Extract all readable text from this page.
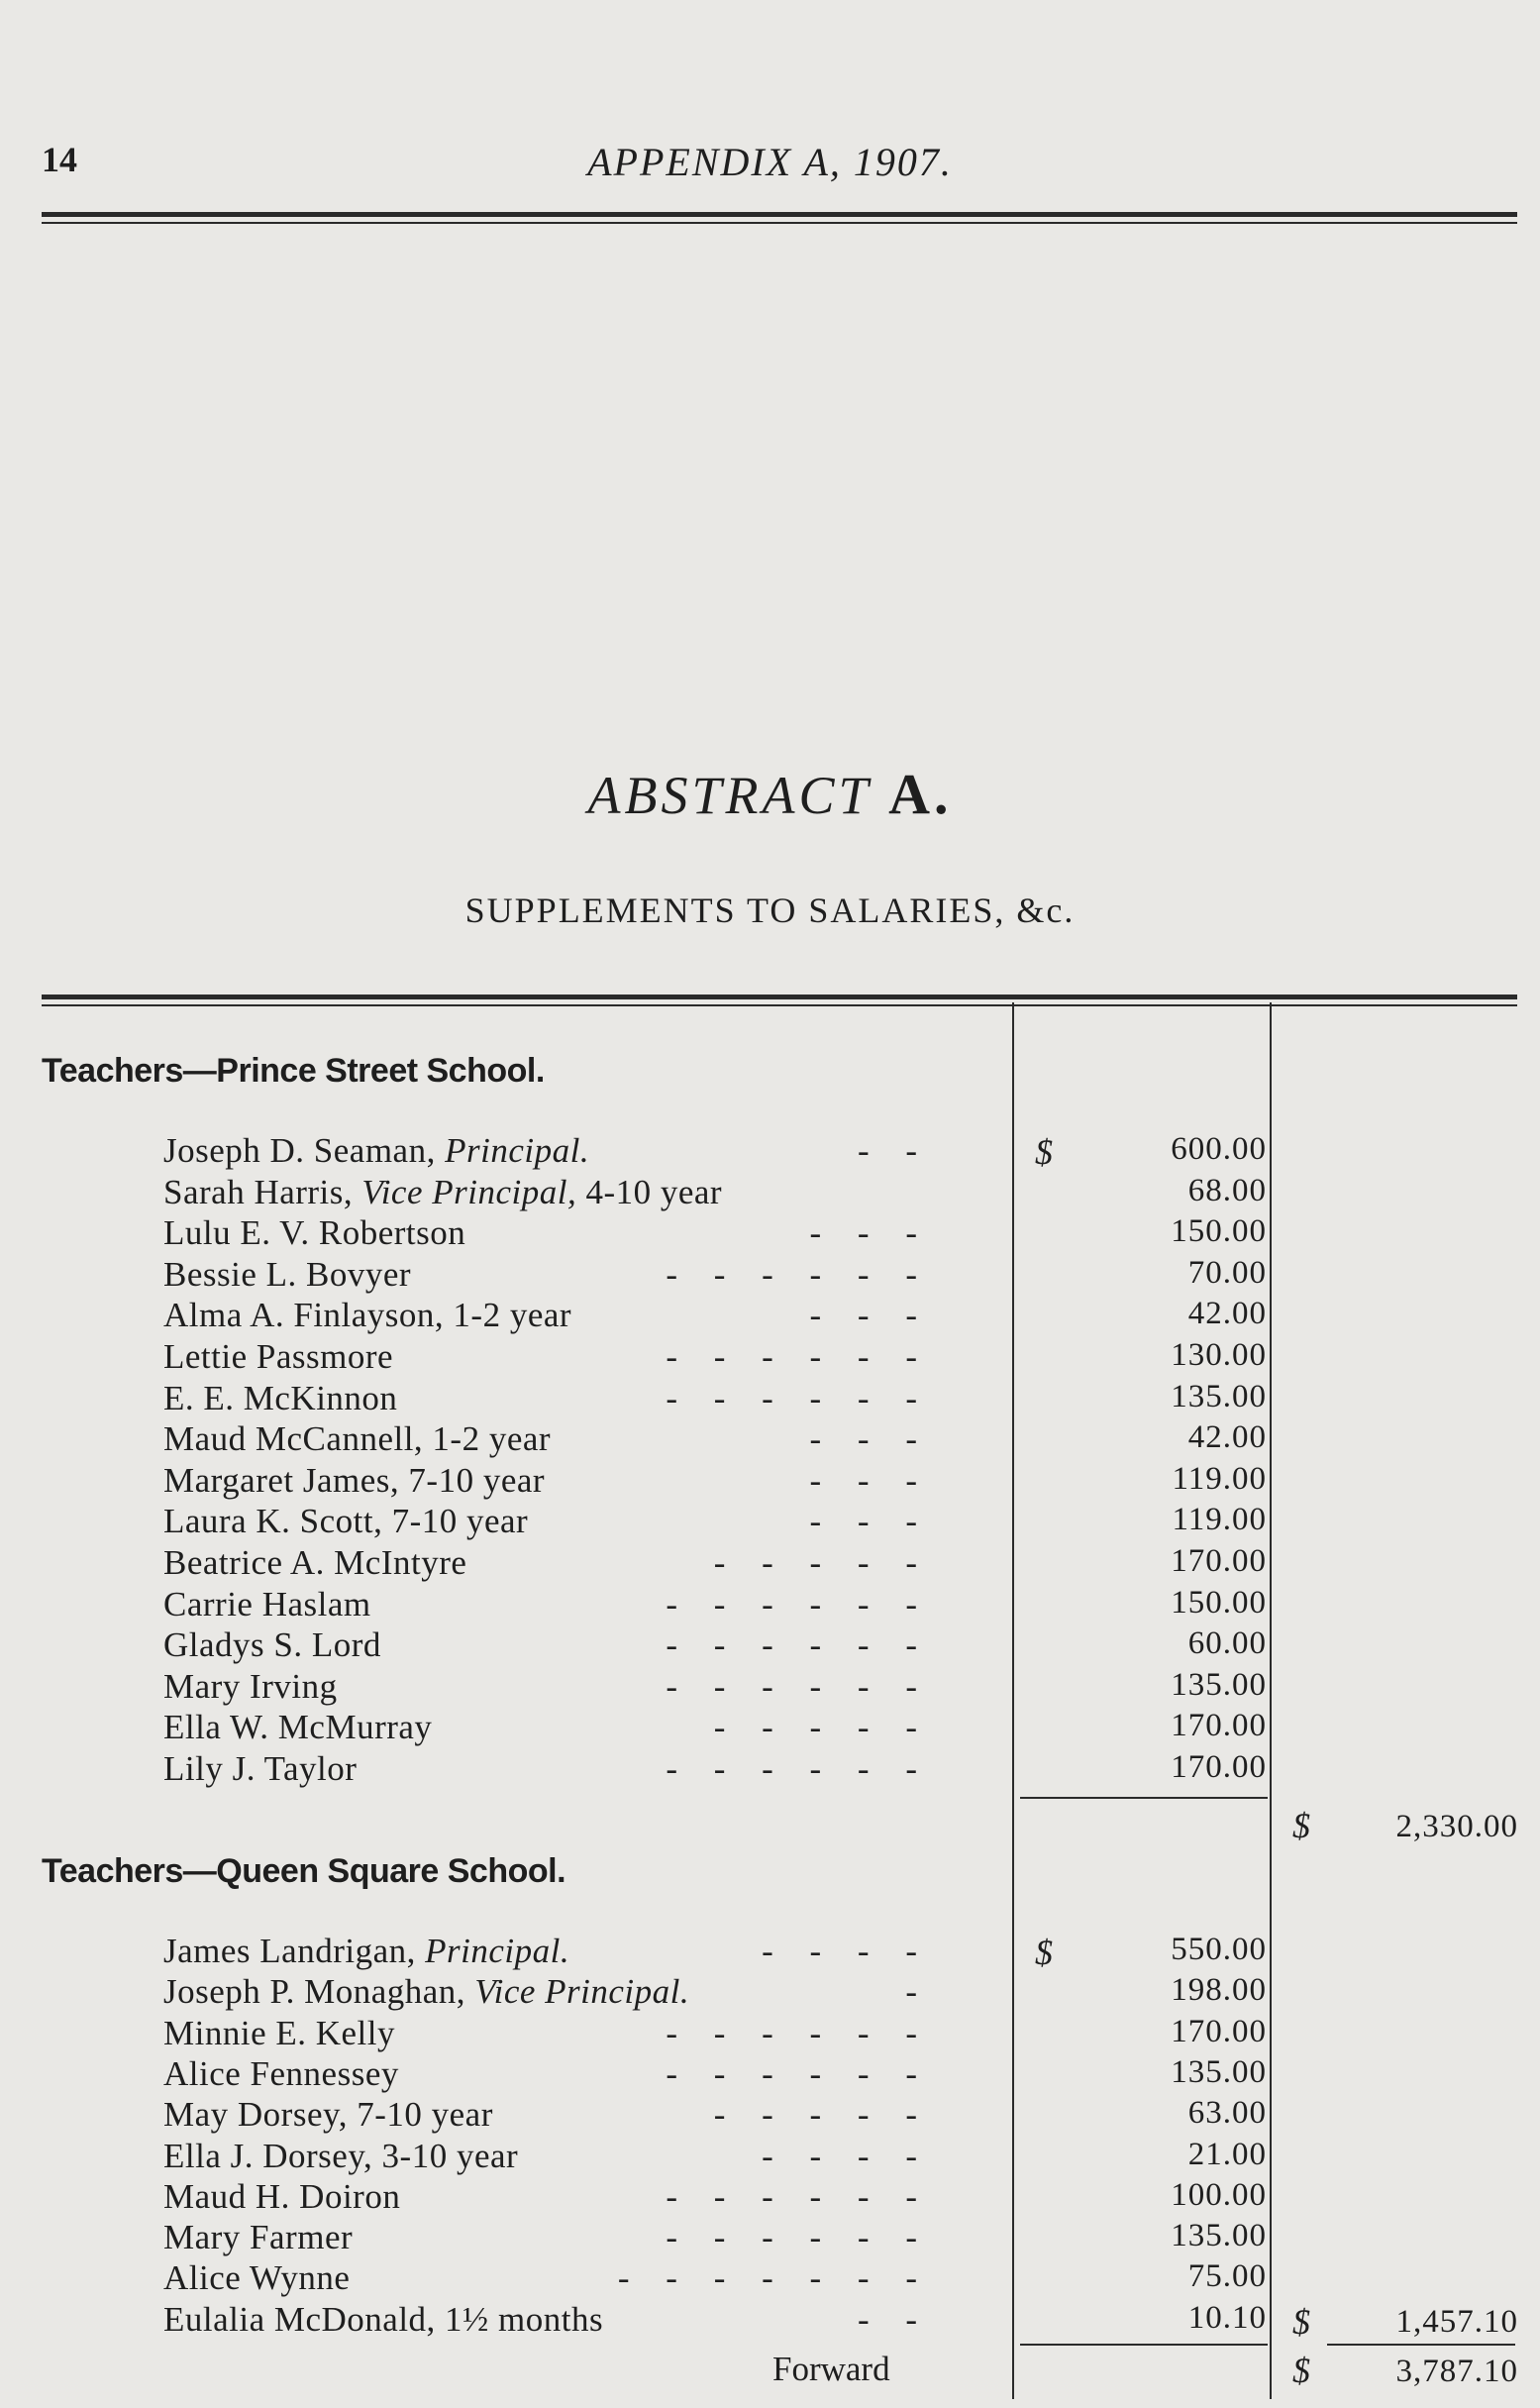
14	APPENDIX A, 1907.
ABSTRACT A.
SUPPLEMENTS TO SALARIES, &c.
Teachers—Prince Street School.
Joseph D. Seaman, Principal.	- -	$	600.00
Sarah Harris, Vice Principal, 4-10 year	68.00
Lulu E. V. Robertson	- - -	150.00
Bessie L. Bovyer	- - - - - -	70.00
Alma A. Finlayson, 1-2 year	- - -	42.00
Lettie Passmore	- - - - - -	130.00
E. E. McKinnon	- - - - - -	135.00
Maud McCannell, 1-2 year	- - -	42.00
Margaret James, 7-10 year	- - -	119.00
Laura K. Scott, 7-10 year	- - -	119.00
Beatrice A. McIntyre	- - - - -	170.00
Carrie Haslam	- - - - - -	150.00
Gladys S. Lord	- - - - - -	60.00
Mary Irving	- - - - - -	135.00
Ella W. McMurray	- - - - -	170.00
Lily J. Taylor	- - - - - -	170.00
$	2,330.00
Teachers—Queen Square School.
James Landrigan, Principal.	- - - -	$	550.00
Joseph P. Monaghan, Vice Principal.	-	198.00
Minnie E. Kelly	- - - - - -	170.00
Alice Fennessey	- - - - - -	135.00
May Dorsey, 7-10 year	- - - - -	63.00
Ella J. Dorsey, 3-10 year	- - - -	21.00
Maud H. Doiron	- - - - - -	100.00
Mary Farmer	- - - - - -	135.00
Alice Wynne	- - - - - - -	75.00
Eulalia McDonald, 1½ months	- -	10.10 $	1,457.10
Forward	$	3,787.10
